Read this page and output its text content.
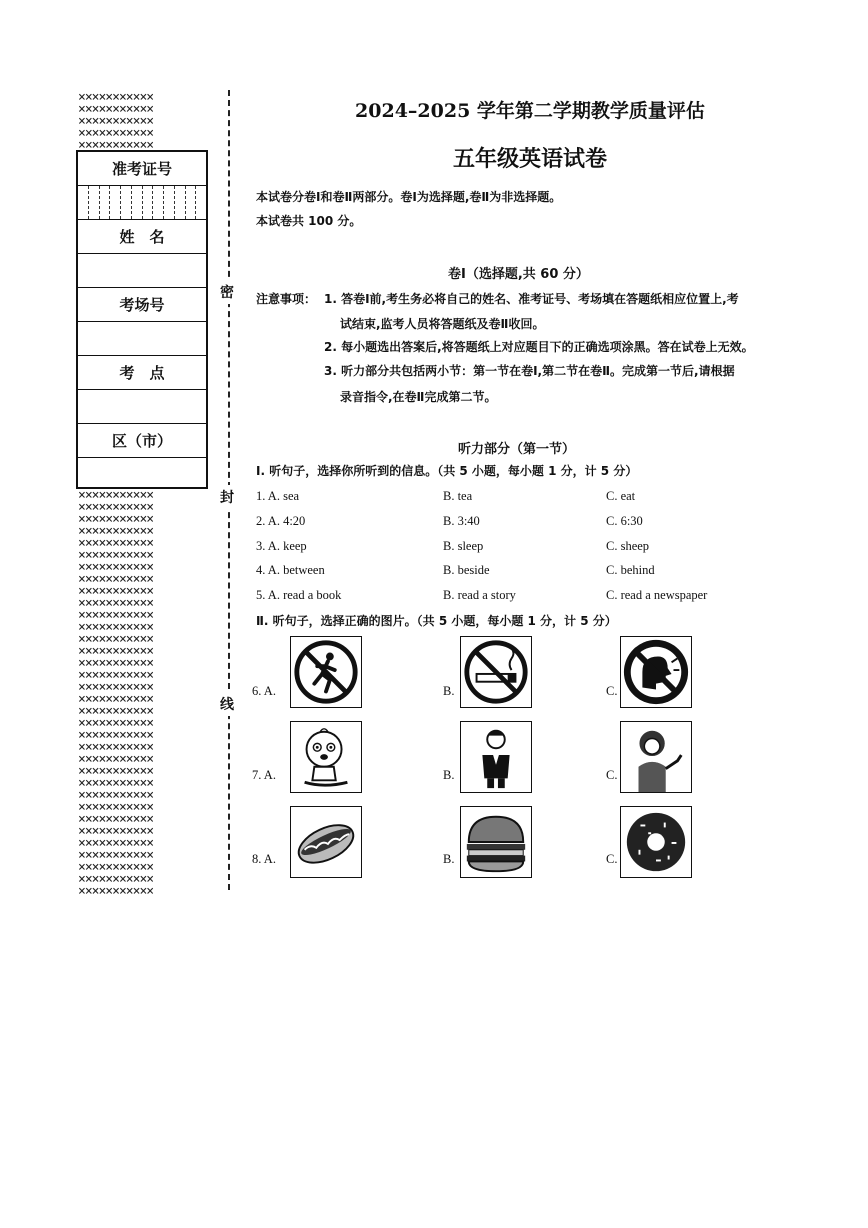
×××××××××××
×××××××××××
×××××××××××
×××××××××××
×××××××××××
准考证号
姓　名
考场号
考　点
区（市）
×××××××××××
×××××××××××
×××××××××××
×××××××××××
×××××××××××
×××××××××××
×××××××××××
×××××××××××
×××××××××××
×××××××××××
×××××××××××
×××××××××××
×××××××××××
×××××××××××
×××××××××××
×××××××××××
×××××××××××
×××××××××××
×××××××××××
×××××××××××
×××××××××××
×××××××××××
×××××××××××
×××××××××××
×××××××××××
×××××××××××
×××××××××××
×××××××××××
×××××××××××
×××××××××××
×××××××××××
×××××××××××
×××××××××××
×××××××××××
密
封
线
2024–2025 学年第二学期教学质量评估
五年级英语试卷
本试卷分卷Ⅰ和卷Ⅱ两部分。卷Ⅰ为选择题,卷Ⅱ为非选择题。
本试卷共 100 分。
卷Ⅰ（选择题,共 60 分）
注意事项： 1. 答卷Ⅰ前,考生务必将自己的姓名、准考证号、考场填在答题纸相应位置上,考
试结束,监考人员将答题纸及卷Ⅱ收回。
2. 每小题选出答案后,将答题纸上对应题目下的正确选项涂黑。答在试卷上无效。
3. 听力部分共包括两小节：第一节在卷Ⅰ,第二节在卷Ⅱ。完成第一节后,请根据
录音指令,在卷Ⅱ完成第二节。
听力部分（第一节）
Ⅰ. 听句子，选择你所听到的信息。（共 5 小题，每小题 1 分，计 5 分）
1. A. sea	B. tea	C. eat
2. A. 4:20	B. 3:40	C. 6:30
3. A. keep	B. sleep	C. sheep
4. A. between	B. beside	C. behind
5. A. read a book	B. read a story	C. read a newspaper
Ⅱ. 听句子，选择正确的图片。（共 5 小题，每小题 1 分，计 5 分）
6. A.	B.	C.
7. A.	B.	C.
8. A.	B.	C.
